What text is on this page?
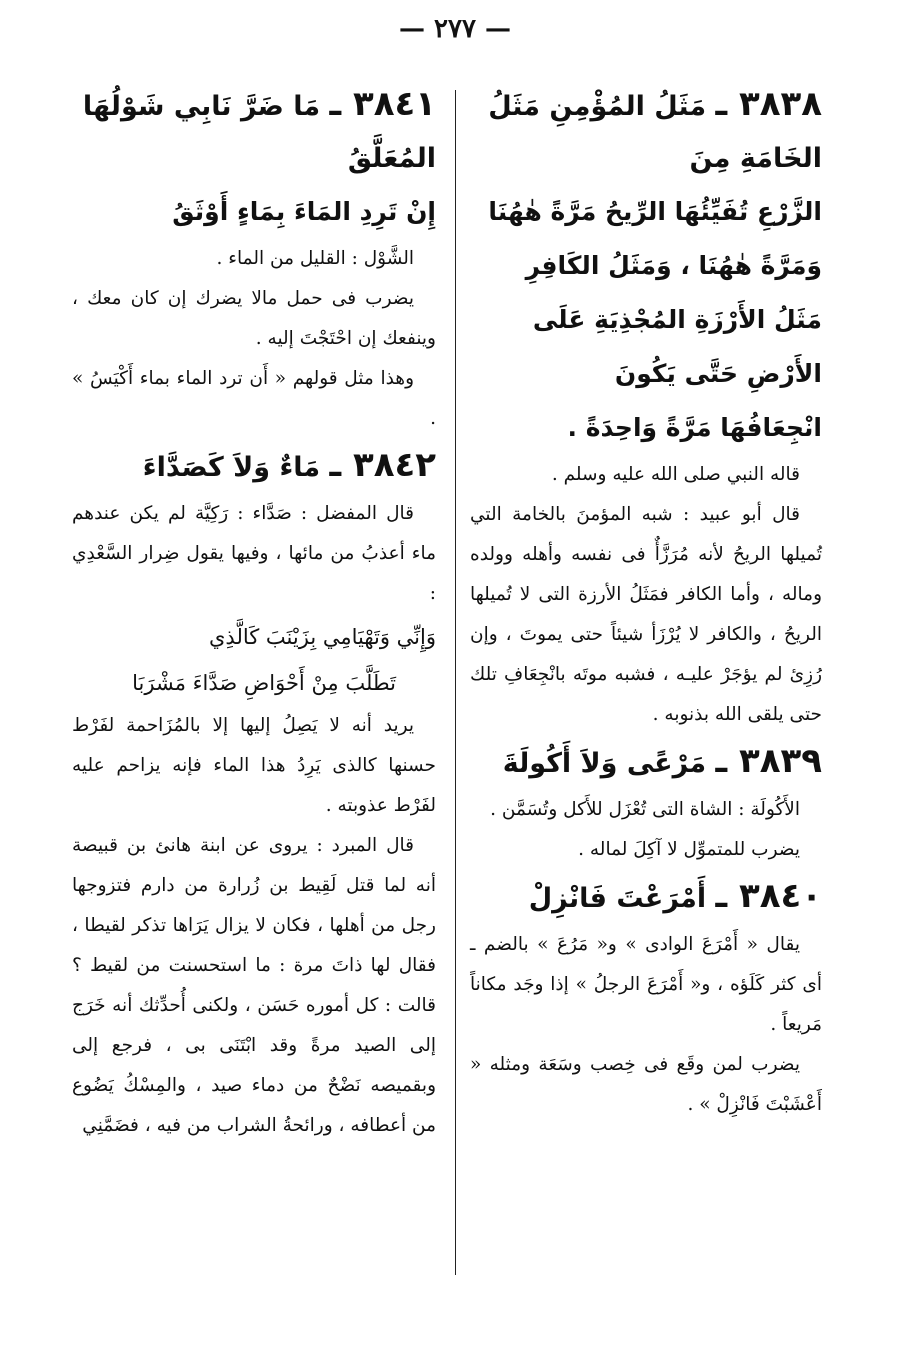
— ٢٧٧ —

٣٨٣٨ ـ مَثَلُ المُؤْمِنِ مَثَلُ الخَامَةِ مِنَ

الزَّرْعِ تُفَيِّئُهَا الرِّيحُ مَرَّةً هٰهُنَا

وَمَرَّةً هٰهُنَا ، وَمَثَلُ الكَافِرِ

مَثَلُ الأَرْزَةِ المُجْذِيَةِ عَلَى

الأَرْضِ حَتَّى يَكُونَ

انْجِعَافُهَا مَرَّةً وَاحِدَةً .

قاله النبي صلى الله عليه وسلم .

قال أبو عبيد : شبه المؤمنَ بالخامة التي تُميلها الريحُ لأنه مُرَزَّأٌ فى نفسه وأهله وولده وماله ، وأما الكافر فمَثَلُ الأرزة التى لا تُميلها الريحُ ، والكافر لا يُرْزَأ شيئاً حتى يموتَ ، وإن رُزِئ لم يؤجَرْ عليـه ، فشبه موتَه بانْجِعَافِ تلك حتى يلقى الله بذنوبه .

٣٨٣٩ ـ مَرْعًى وَلاَ أَكُولَةَ

الأَكُولَة : الشاة التى تُعْزَل للأَكل وتُسَمَّن .

يضرب للمتموِّل لا آكِلَ لماله .

٣٨٤٠ ـ أَمْرَعْتَ فَانْزِلْ

يقال « أَمْرَعَ الوادى » و« مَرُعَ » بالضم ـ أى كثر كَلَؤه ، و« أَمْرَعَ الرجلُ » إذا وجَد مكاناً مَريعاً .

يضرب لمن وقَع فى خِصب وسَعَة ومثله « أَعْشَبْتَ فَانْزِلْ » .

٣٨٤١ ـ مَا ضَرَّ نَابِي شَوْلُهَا المُعَلَّقُ

إِنْ تَرِدِ المَاءَ بِمَاءٍ أَوْثَقُ

الشَّوْل : القليل من الماء .

يضرب فى حمل مالا يضرك إن كان معك ، وينفعك إن احْتَجْتَ إليه .

وهذا مثل قولهم « أَن ترد الماء بماء أَكْيَسُ » .

٣٨٤٢ ـ مَاءٌ وَلاَ كَصَدَّاءَ

قال المفضل : صَدَّاء : رَكِيَّة لم يكن عندهم ماء أعذبُ من مائها ، وفيها يقول ضِرار السَّعْدِي :

وَإِنِّي وَتَهْيَامِي بِزَيْنَبَ كَالَّذِي

تَطَلَّبَ مِنْ أَحْوَاضِ صَدَّاءَ مَشْرَبَا

يريد أنه لا يَصِلُ إليها إلا بالمُزَاحمة لفَرْط حسنها كالذى يَرِدُ هذا الماء فإنه يزاحم عليه لفَرْط عذوبته .

قال المبرد : يروى عن ابنة هانئ بن قبيصة أنه لما قتل لَقِيط بن زُرارة من دارم فتزوجها رجل من أهلها ، فكان لا يزال يَرَاها تذكر لقيطا ، فقال لها ذاتَ مرة : ما استحسنت من لقيط ؟ قالت : كل أموره حَسَن ، ولكنى أُحدِّثك أنه خَرَج إلى الصيد مرةً وقد ابْتَنَى بى ، فرجع إلى وبقميصه نَضْحٌ من دماء صيد ، والمِسْكُ يَضُوع من أعطافه ، ورائحةُ الشراب من فيه ، فضَمَّنِي
